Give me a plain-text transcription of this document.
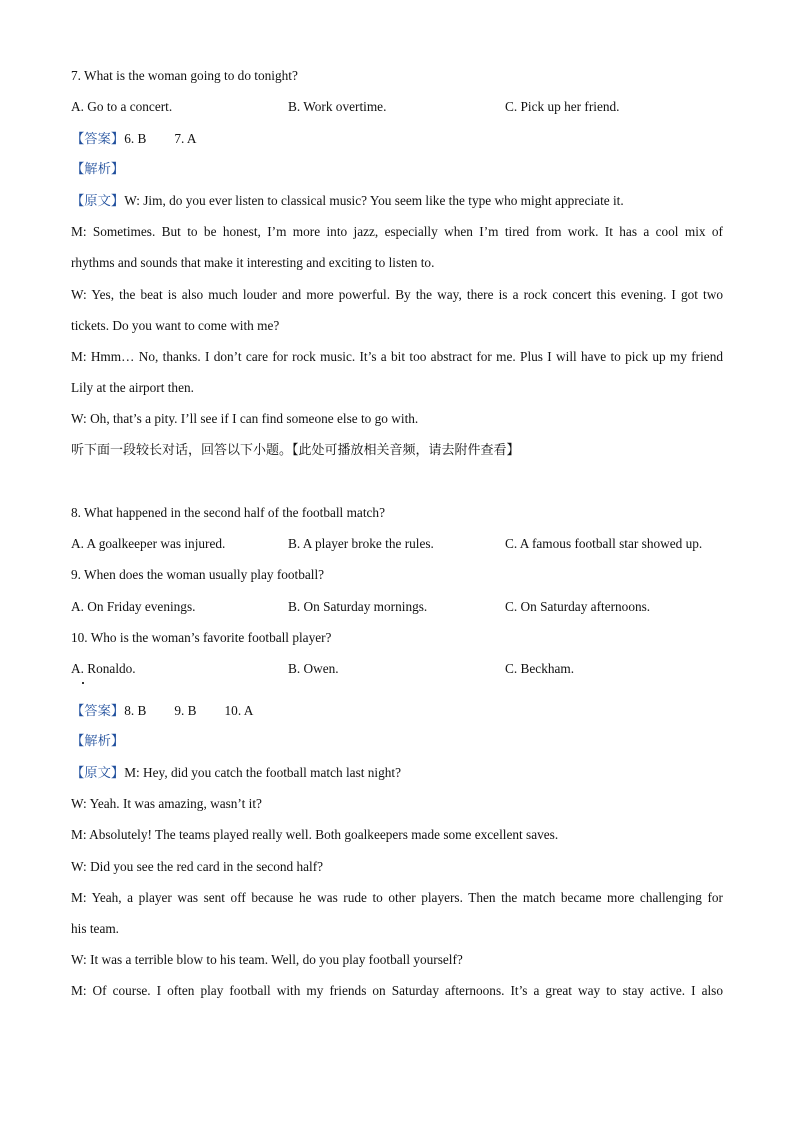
7. What is the woman going to do tonight?
A. Go to a concert.	B. Work overtime.	C. Pick up her friend.
【答案】6. B 7. A
【解析】
【原文】W: Jim, do you ever listen to classical music? You seem like the type who might appreciate it.
M: Sometimes. But to be honest, I’m more into jazz, especially when I’m tired from work. It has a cool mix of
rhythms and sounds that make it interesting and exciting to listen to.
W: Yes, the beat is also much louder and more powerful. By the way, there is a rock concert this evening. I got two
tickets. Do you want to come with me?
M: Hmm… No, thanks. I don’t care for rock music. It’s a bit too abstract for me. Plus I will have to pick up my friend
Lily at the airport then.
W: Oh, that’s a pity. I’ll see if I can find someone else to go with.
听下面一段较长对话，回答以下小题。【此处可播放相关音频，请去附件查看】
8. What happened in the second half of the football match?
A. A goalkeeper was injured.	B. A player broke the rules.	C. A famous football star showed up.
9. When does the woman usually play football?
A. On Friday evenings.	B. On Saturday mornings.	C. On Saturday afternoons.
10. Who is the woman’s favorite football player?
A. Ronaldo.	B. Owen.	C. Beckham.
【答案】8. B 9. B 10. A
【解析】
【原文】M: Hey, did you catch the football match last night?
W: Yeah. It was amazing, wasn’t it?
M: Absolutely! The teams played really well. Both goalkeepers made some excellent saves.
W: Did you see the red card in the second half?
M: Yeah, a player was sent off because he was rude to other players. Then the match became more challenging for
his team.
W: It was a terrible blow to his team. Well, do you play football yourself?
M: Of course. I often play football with my friends on Saturday afternoons. It’s a great way to stay active. I also
